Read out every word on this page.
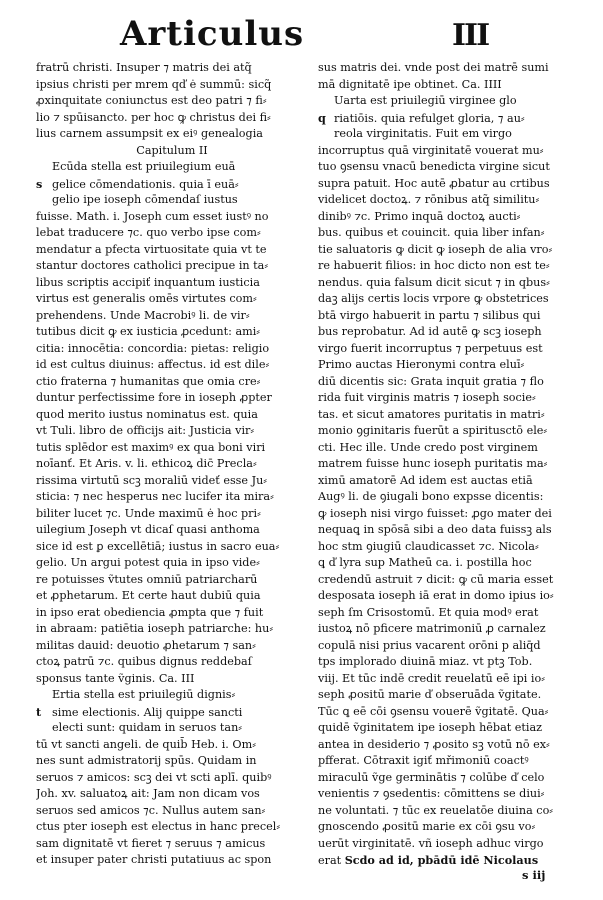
Articulus	III
fratrū christi. Insuper ⁊ matris dei atq̃
ipsius christi per mrem qď ė summū: sicq̃
ꝓxinquitate coniunctus est deo patri ⁊ fi⸗
lio ⁊ spūisancto. per hoc ꝙ christus dei fi⸗
lius carnem assumpsit ex eiꝰ genealogia
Capitulum II
Ecūda stella est priuilegium euā
s gelice cōmendationis. quia ī euā⸗
gelio ipe ioseph cōmendaſ iustus
fuisse. Math. i. Joseph cum esset iustꝰ no
lebat traducere ⁊c. quo verbo ipse com⸗
mendatur a pfecta virtuositate quia vt te
stantur doctores catholici precipue in ta⸗
libus scriptis accipiť inquantum iusticia
virtus est generalis omēs virtutes com⸗
prehendens. Unde Macrobiꝰ li. de vir⸗
tutibus dicit ꝙ ex iusticia ꝓcedunt: ami⸗
citia: innocētia: concordia: pietas: religio
id est cultus diuinus: affectus. id est dile⸗
ctio fraterna ⁊ humanitas que omia cre⸗
duntur perfectissime fore in ioseph ꝓpter
quod merito iustus nominatus est. quia
vt Tuli. libro de officijs ait: Justicia vir⸗
tutis splēdor est maximꝰ ex qua boni viri
noīanť. Et Aris. v. li. ethicoꝝ dic̄ Precla⸗
rissima virtutū scꝫ moraliū videť esse Ju⸗
sticia: ⁊ nec hesperus nec lucifer ita mira⸗
biliter lucet ⁊c. Unde maximū ė hoc pri⸗
uilegium Joseph vt dicaſ quasi anthoma
sice id est ꝑ excellētiā; iustus in sacro eua⸗
gelio. Un argui potest quia in ipso vide⸗
re potuisses ṽtutes omniū patriarcharū
et ꝓphetarum. Et certe haut dubiū quia
in ipso erat obediencia ꝓmpta que ⁊ fuit
in abraam: patiētia ioseph patriarche: hu⸗
militas dauid: deuotio ꝓhetarum ⁊ san⸗
ctoꝝ patrū ⁊c. quibus dignus reddebaſ
sponsus tante ṽginis. Ca. III
Ertia stella est priuilegiū dignis⸗
t sime electionis. Alij quippe sancti
electi sunt: quidam in seruos tan⸗
tū vt sancti angeli. de quib̄ Heb. i. Om⸗
nes sunt admistratorij spūs. Quidam in
seruos ⁊ amicos: scꝫ dei vt scti aplī. quibꝰ
Joh. xv. saluatoꝝ ait: Jam non dicam vos
seruos sed amicos ⁊c. Nullus autem san⸗
ctus pter ioseph est electus in hanc precel⸗
sam dignitatē vt fieret ⁊ seruus ⁊ amicus
et insuper pater christi putatiuus ac spon
sus matris dei. vnde post dei matrē sumi
mā dignitatē ipe obtinet. Ca. IIII
Uarta est priuilegiū virginee glo
q riatiōis. quia refulget gloria, ⁊ au⸗
reola virginitatis. Fuit em virgo
incorruptus quā virginitatē vouerat mu⸗
tuo ꝯsensu vnacū benedicta virgine sicut
supra patuit. Hoc autē ꝓbatur au crtibus
videlicet doctoꝝ. ⁊ rōnibus atq̃ similitu⸗
dinibꝰ ⁊c. Primo inquā doctoꝝ aucti⸗
bus. quibus et couincit. quia liber infan⸗
tie saluatoris ꝙ dicit ꝙ ioseph de alia vro⸗
re habuerit filios: in hoc dicto non est te⸗
nendus. quia falsum dicit sicut ⁊ in qbus⸗
daꝫ alijs certis locis vrpore ꝙ obstetrices
btā virgo habuerit in partu ⁊ silibus qui
bus reprobatur. Ad id autē ꝙ scꝫ ioseph
virgo fuerit incorruptus ⁊ perpetuus est
Primo auctas Hieronymi contra eluī⸗
diū dicentis sic: Grata inquit gratia ⁊ flo
rida fuit virginis matris ⁊ ioseph socie⸗
tas. et sicut amatores puritatis in matri⸗
monio ꝯginitaris fuerūt a spiritusctō ele⸗
cti. Hec ille. Unde credo post virginem
matrem fuisse hunc ioseph puritatis ma⸗
ximū amatorē Ad idem est auctas etiā
Augꝰ li. de ꝯiugali bono expsse dicentis:
ꝙ ioseph nisi virgo fuisset: ꝓgo mater dei
nequaꝗ in spōsā sibi a deo data fuissꝫ als
hoc stm ꝯiugiū claudicasset ⁊c. Nicola⸗
ꝗ ď lyra sup Matheū ca. i. postilla hoc
credendū astruit ⁊ dicit: ꝙ cū maria esset
desposata ioseph iā erat in domo ipius io⸗
seph ſm Crisostomū. Et quia modꝰ erat
iustoꝝ nō pficere matrimoniū ꝓ carnalez
copulā nisi prius vacarent orōni p aliq̄d
tps implorado diuinā miaz. vt ptꝫ Tob.
viij. Et tūc indē credit reuelatū eē ipi io⸗
seph ꝓositū marie ď obseruāda ṽgitate.
Tūc ꝗ eē cōi ꝯsensu vouerē ṽgitatē. Qua⸗
quidē ṽginitatem ipe ioseph hēbat etiaz
antea in desiderio ⁊ ꝓosito sꝫ votū nō ex⸗
pfferat. Cōtraxit igiť mřimoniū coactꝰ
miraculū ṽge germinātis ⁊ colūbe ď celo
venientis ⁊ ꝯsedentis: cōmittens se diui⸗
ne voluntati. ⁊ tūc ex reuelatōe diuina co⸗
gnoscendo ꝓositū marie ex cōi ꝯsu vo⸗
uerūt virginitatē. vñ ioseph adhuc virgo
erat Scdo ad id, pbādū idē Nicolaus
s iij
